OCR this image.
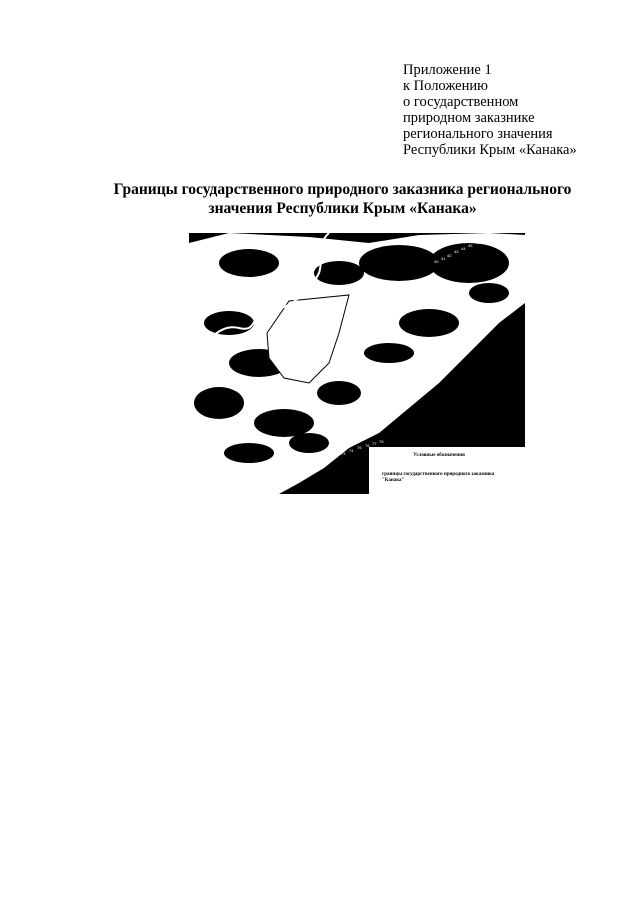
Приложение 1
к Положению
о государственном
природном заказнике
регионального значения
Республики Крым «Канака»
Границы государственного природного заказника регионального
значения Республики Крым «Канака»
39
37
40
41
42
43
44
45
46
48
78
77
76
75
74
73
72
71
70
69
68
67
66
Условные обозначения
границы государственного природного заказника
"Канака"
